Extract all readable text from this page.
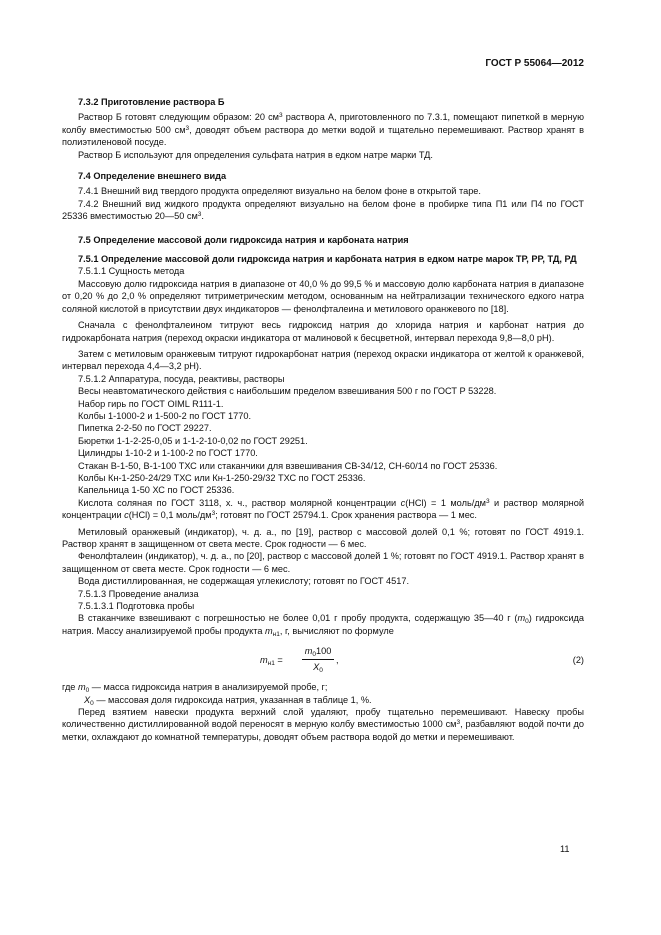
ГОСТ Р 55064—2012

7.3.2 Приготовление раствора Б

Раствор Б готовят следующим образом: 20 $см^3$ раствора А, приготовленного по 7.3.1, помещают пипеткой в мерную колбу вместимостью 500 $см^3$, доводят объем раствора до метки водой и тщательно перемешивают. Раствор хранят в полиэтиленовой посуде.

Раствор Б используют для определения сульфата натрия в едком натре марки ТД.

7.4 Определение внешнего вида

7.4.1 Внешний вид твердого продукта определяют визуально на белом фоне в открытой таре.

7.4.2 Внешний вид жидкого продукта определяют визуально на белом фоне в пробирке типа П1 или П4 по ГОСТ 25336 вместимостью 20—50 $см^3$.

7.5 Определение массовой доли гидроксида натрия и карбоната натрия

7.5.1 Определение массовой доли гидроксида натрия и карбоната натрия в едком натре марок ТР, РР, ТД, РД

7.5.1.1 Сущность метода

Массовую долю гидроксида натрия в диапазоне от 40,0 % до 99,5 % и массовую долю карбоната натрия в диапазоне от 0,20 % до 2,0 % определяют титриметрическим методом, основанным на нейтрализации технического едкого натра соляной кислотой в присутствии двух индикаторов — фенолфталеина и метилового оранжевого по [18].

Сначала с фенолфталеином титруют весь гидроксид натрия до хлорида натрия и карбонат натрия до гидрокарбоната натрия (переход окраски индикатора от малиновой к бесцветной, интервал перехода 9,8—8,0 pH).

Затем с метиловым оранжевым титруют гидрокарбонат натрия (переход окраски индикатора от желтой к оранжевой, интервал перехода 4,4—3,2 pH).

7.5.1.2 Аппаратура, посуда, реактивы, растворы

Весы неавтоматического действия с наибольшим пределом взвешивания 500 г по ГОСТ Р 53228.

Набор гирь по ГОСТ OIML R111-1.

Колбы 1-1000-2 и 1-500-2 по ГОСТ 1770.

Пипетка 2-2-50 по ГОСТ 29227.

Бюретки 1-1-2-25-0,05 и 1-1-2-10-0,02 по ГОСТ 29251.

Цилиндры 1-10-2 и 1-100-2 по ГОСТ 1770.

Стакан В-1-50, В-1-100 ТХС или стаканчики для взвешивания СВ-34/12, СН-60/14 по ГОСТ 25336.

Колбы Кн-1-250-24/29 ТХС или Кн-1-250-29/32 ТХС по ГОСТ 25336.

Капельница 1-50 ХС по ГОСТ 25336.

Кислота соляная по ГОСТ 3118, х. ч., раствор молярной концентрации c(HCl) = 1 моль/$дм^3$ и раствор молярной концентрации c(HCl) = 0,1 моль/$дм^3$; готовят по ГОСТ 25794.1. Срок хранения раствора — 1 мес.

Метиловый оранжевый (индикатор), ч. д. а., по [19], раствор с массовой долей 0,1 %; готовят по ГОСТ 4919.1. Раствор хранят в защищенном от света месте. Срок годности — 6 мес.

Фенолфталеин (индикатор), ч. д. а., по [20], раствор с массовой долей 1 %; готовят по ГОСТ 4919.1. Раствор хранят в защищенном от света месте. Срок годности — 6 мес.

Вода дистиллированная, не содержащая углекислоту; готовят по ГОСТ 4517.

7.5.1.3 Проведение анализа

7.5.1.3.1 Подготовка пробы

В стаканчике взвешивают с погрешностью не более 0,01 г пробу продукта, содержащую 35—40 г $(m_0)$ гидроксида натрия. Массу анализируемой пробы продукта $m_{н1}$, г, вычисляют по формуле

$m_{н1} = \frac{m_0100}{X_0}$ ,	(2)

где $m_0$ — масса гидроксида натрия в анализируемой пробе, г;

$X_0$ — массовая доля гидроксида натрия, указанная в таблице 1, %.

Перед взятием навески продукта верхний слой удаляют, пробу тщательно перемешивают. Навеску пробы количественно дистиллированной водой переносят в мерную колбу вместимостью 1000 $см^3$, разбавляют водой почти до метки, охлаждают до комнатной температуры, доводят объем раствора водой до метки и перемешивают.

11
